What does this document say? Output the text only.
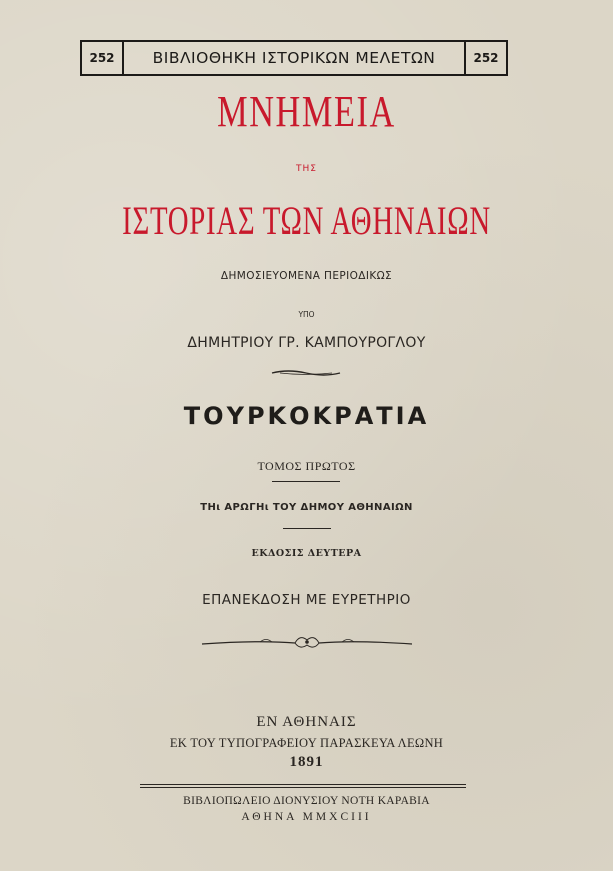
252	ΒΙΒΛΙΟΘΗΚΗ ΙΣΤΟΡΙΚΩΝ ΜΕΛΕΤΩΝ	252
ΜΝΗΜΕΙΑ
ΤΗΣ
ΙΣΤΟΡΙΑΣ ΤΩΝ ΑΘΗΝΑΙΩΝ
ΔΗΜΟΣΙΕΥΟΜΕΝΑ ΠΕΡΙΟΔΙΚΩΣ
ΥΠΟ
ΔΗΜΗΤΡΙΟΥ ΓΡ. ΚΑΜΠΟΥΡΟΓΛΟΥ
ΤΟΥΡΚΟΚΡΑΤΙΑ
ΤΟΜΟΣ ΠΡΩΤΟΣ
ΤΗι ΑΡΩΓΗι ΤΟΥ ΔΗΜΟΥ ΑΘΗΝΑΙΩΝ
ΕΚΔΟΣΙΣ ΔΕΥΤΕΡΑ
ΕΠΑΝΕΚΔΟΣΗ ΜΕ ΕΥΡΕΤΗΡΙΟ
ΕΝ ΑΘΗΝΑΙΣ
ΕΚ ΤΟΥ ΤΥΠΟΓΡΑΦΕΙΟΥ ΠΑΡΑΣΚΕΥΑ ΛΕΩΝΗ
1891
ΒΙΒΛΙΟΠΩΛΕΙΟ ΔΙΟΝΥΣΙΟΥ ΝΟΤΗ ΚΑΡΑΒΙΑ
ΑΘΗΝΑ ΜΜΧCΙΙΙ
